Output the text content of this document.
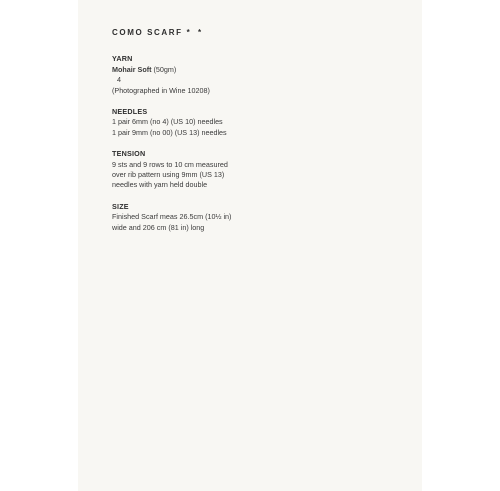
COMO SCARF * *
YARN
Mohair Soft (50gm)
4
(Photographed in Wine 10208)
NEEDLES
1 pair 6mm (no 4) (US 10) needles
1 pair 9mm (no 00) (US 13) needles
TENSION
9 sts and 9 rows to 10 cm measured
over rib pattern using 9mm (US 13)
needles with yarn held double
SIZE
Finished Scarf meas 26.5cm (10½ in)
wide and 206 cm (81 in) long
